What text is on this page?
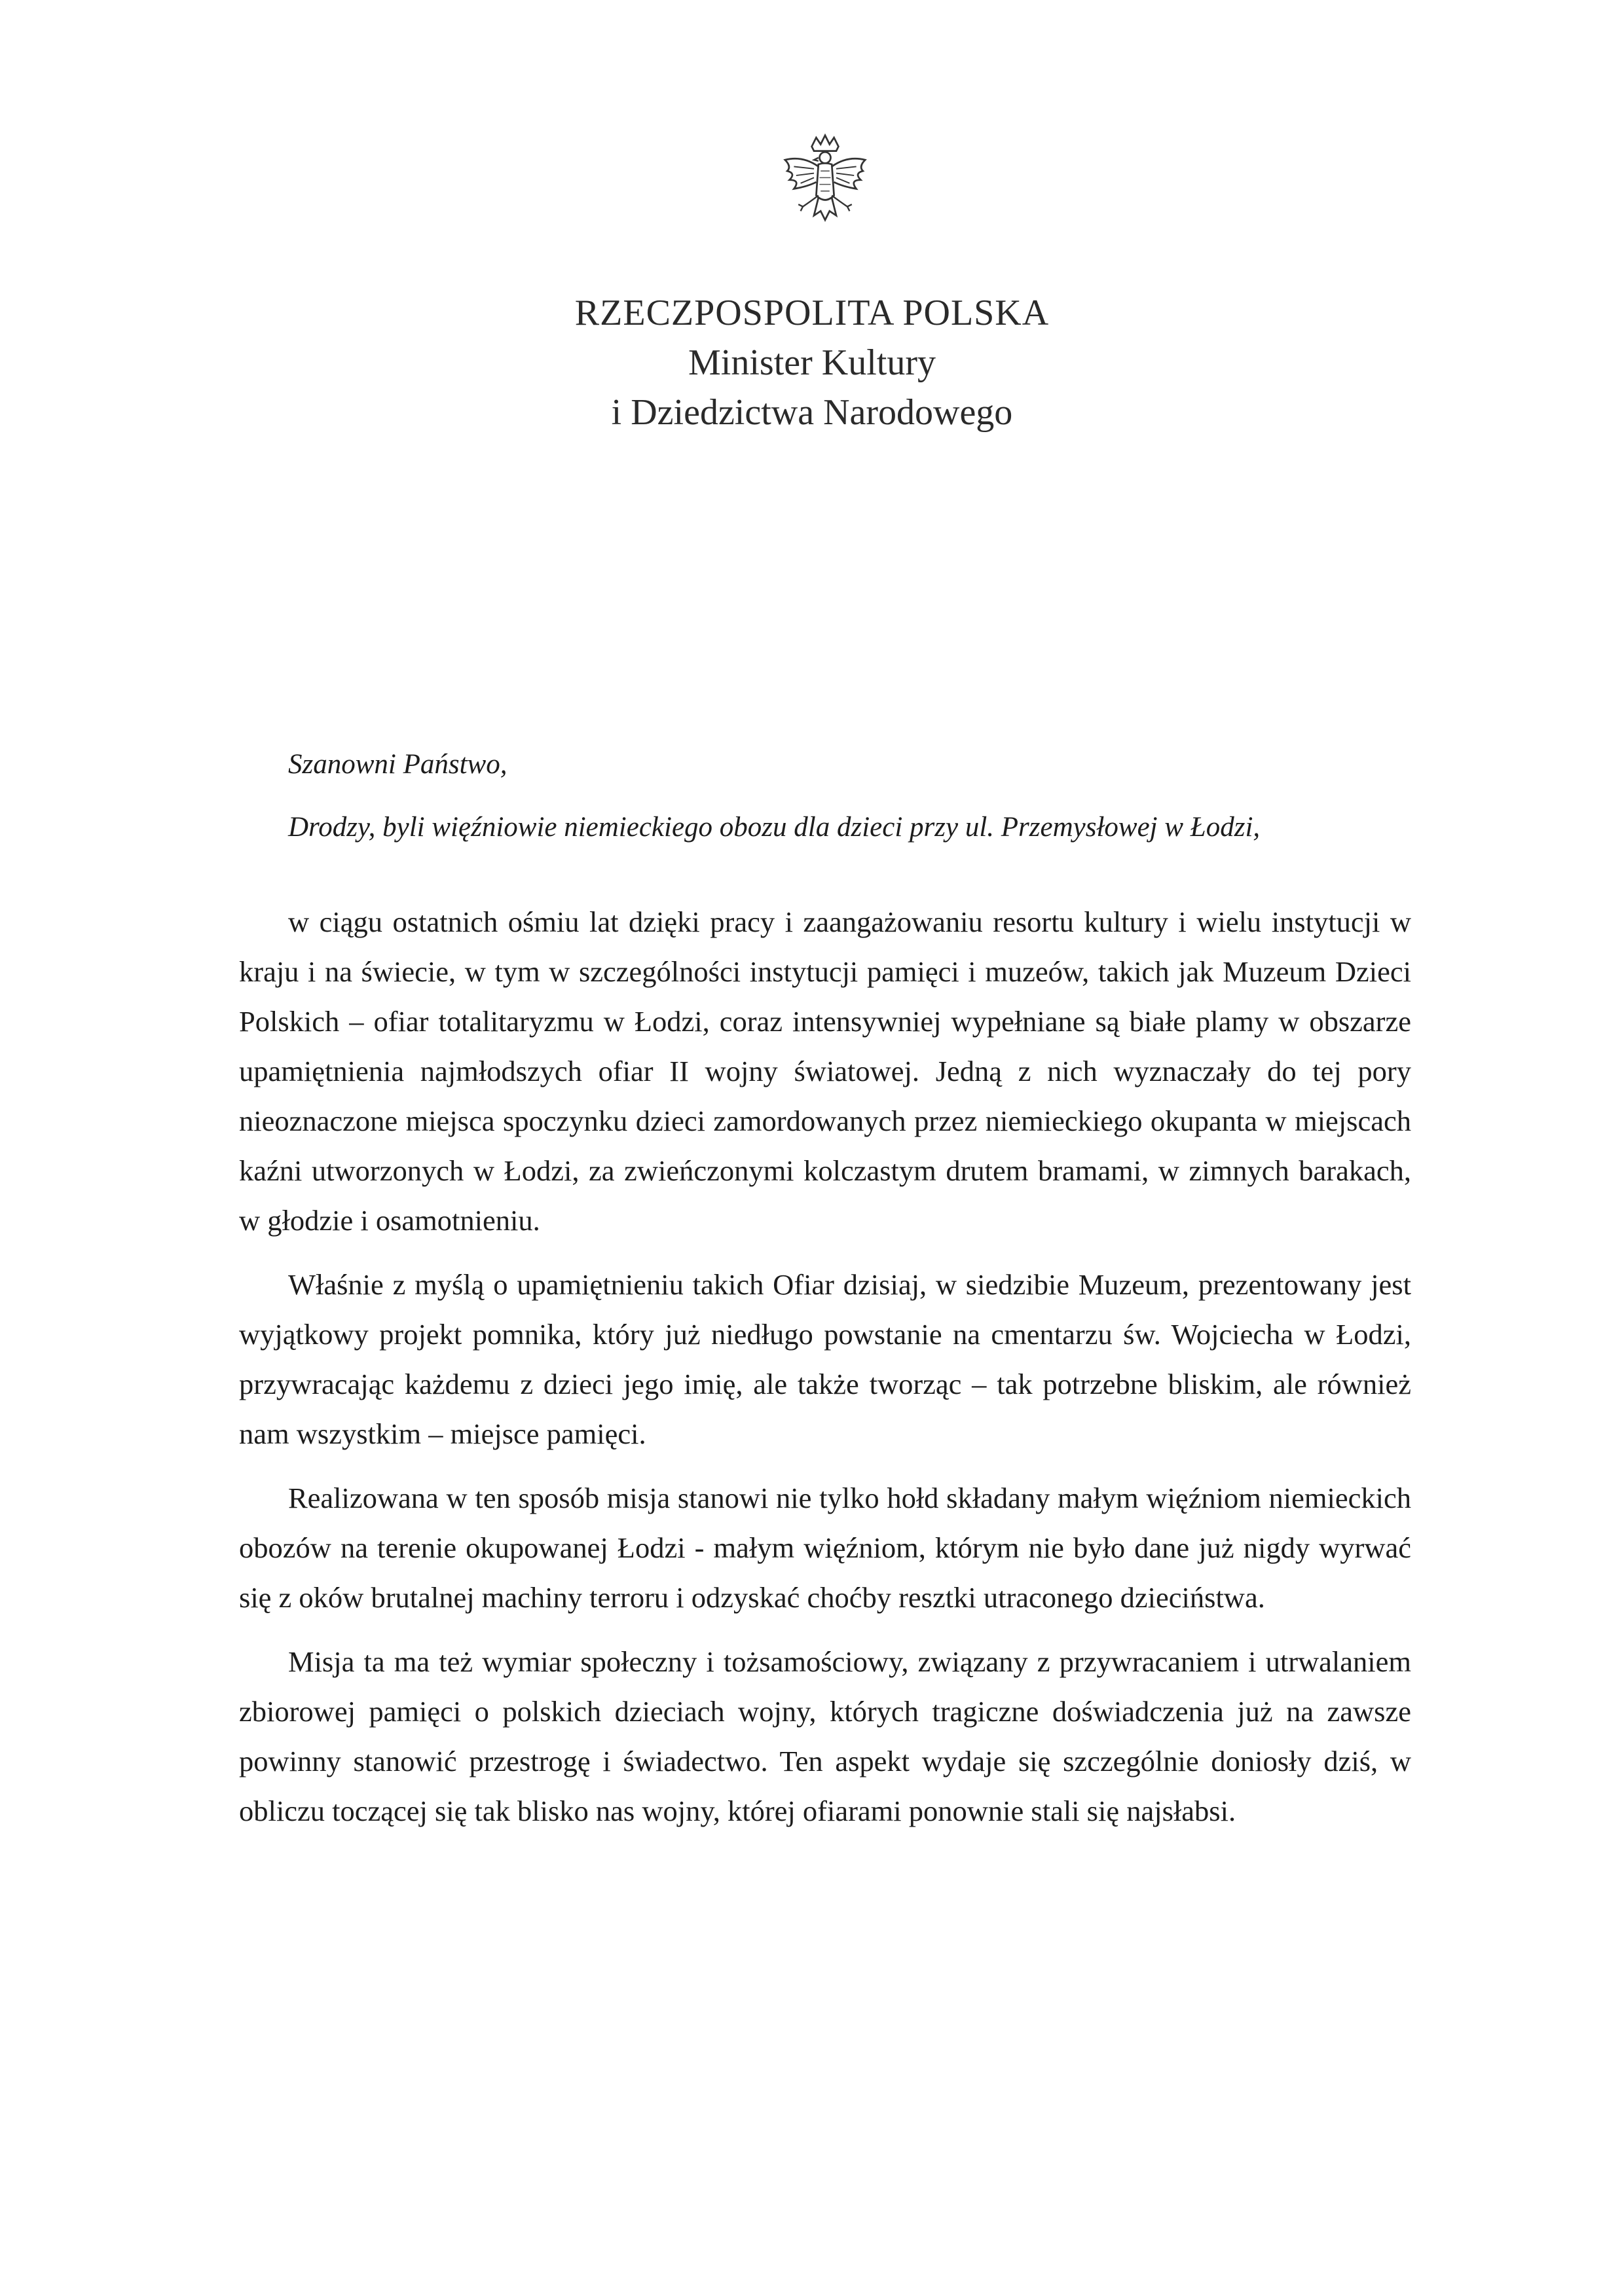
RZECZPOSPOLITA POLSKA
Minister Kultury
i Dziedzictwa Narodowego
Szanowni Państwo,
Drodzy, byli więźniowie niemieckiego obozu dla dzieci przy ul. Przemysłowej w Łodzi,

w ciągu ostatnich ośmiu lat dzięki pracy i zaangażowaniu resortu kultury i wielu instytucji w kraju i na świecie, w tym w szczególności instytucji pamięci i muzeów, takich jak Muzeum Dzieci Polskich – ofiar totalitaryzmu w Łodzi, coraz intensywniej wypełniane są białe plamy w obszarze upamiętnienia najmłodszych ofiar II wojny światowej. Jedną z nich wyznaczały do tej pory nieoznaczone miejsca spoczynku dzieci zamordowanych przez niemieckiego okupanta w miejscach kaźni utworzonych w Łodzi, za zwieńczonymi kolczastym drutem bramami, w zimnych barakach, w głodzie i osamotnieniu.

Właśnie z myślą o upamiętnieniu takich Ofiar dzisiaj, w siedzibie Muzeum, prezentowany jest wyjątkowy projekt pomnika, który już niedługo powstanie na cmentarzu św. Wojciecha w Łodzi, przywracając każdemu z dzieci jego imię, ale także tworząc – tak potrzebne bliskim, ale również nam wszystkim – miejsce pamięci.

Realizowana w ten sposób misja stanowi nie tylko hołd składany małym więźniom niemieckich obozów na terenie okupowanej Łodzi - małym więźniom, którym nie było dane już nigdy wyrwać się z oków brutalnej machiny terroru i odzyskać choćby resztki utraconego dzieciństwa.

Misja ta ma też wymiar społeczny i tożsamościowy, związany z przywracaniem i utrwalaniem zbiorowej pamięci o polskich dzieciach wojny, których tragiczne doświadczenia już na zawsze powinny stanowić przestrogę i świadectwo. Ten aspekt wydaje się szczególnie doniosły dziś, w obliczu toczącej się tak blisko nas wojny, której ofiarami ponownie stali się najsłabsi.
